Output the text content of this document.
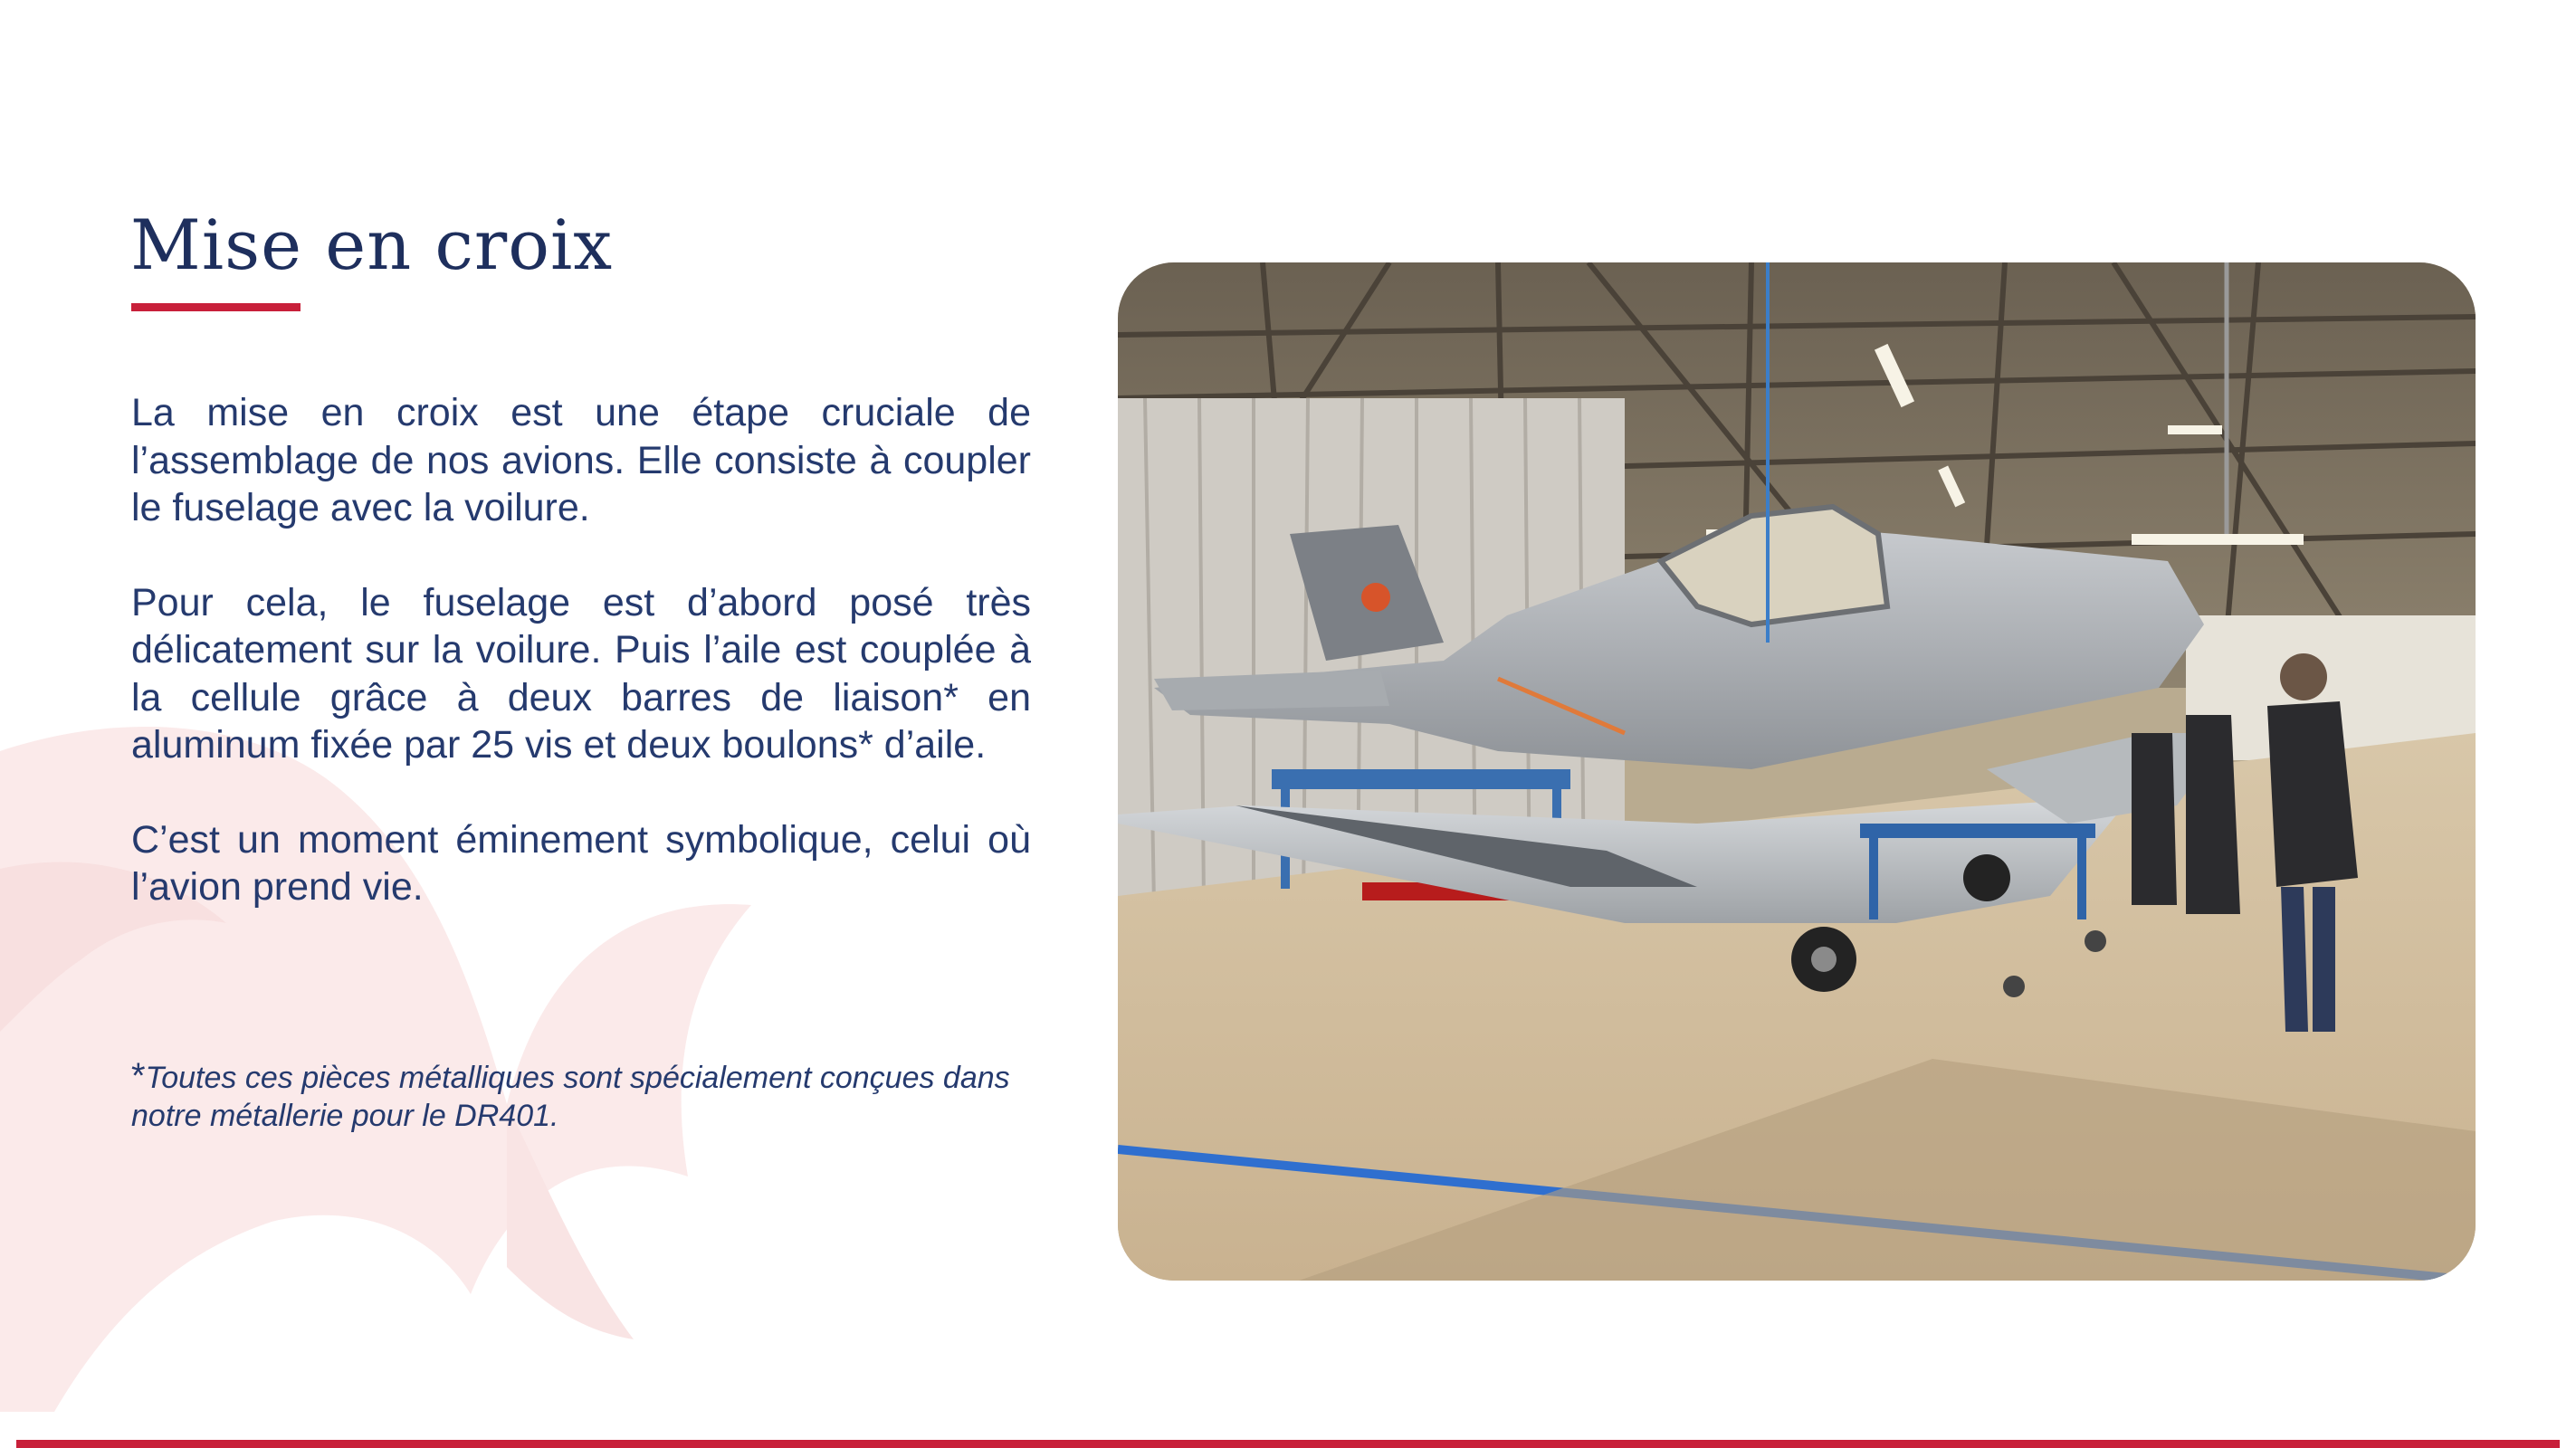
Mise en croix

La mise en croix est une étape cruciale de l’assemblage de nos avions. Elle consiste à coupler le fuselage avec la voilure.

Pour cela, le fuselage est d’abord posé très délicatement sur la voilure. Puis l’aile est couplée à la cellule grâce à deux barres de liaison* en aluminum fixée par 25 vis et deux boulons* d’aile.

C’est un moment éminement symbolique, celui où l’avion prend vie.

*Toutes ces pièces métalliques sont spécialement conçues dans notre métallerie pour le DR401.
